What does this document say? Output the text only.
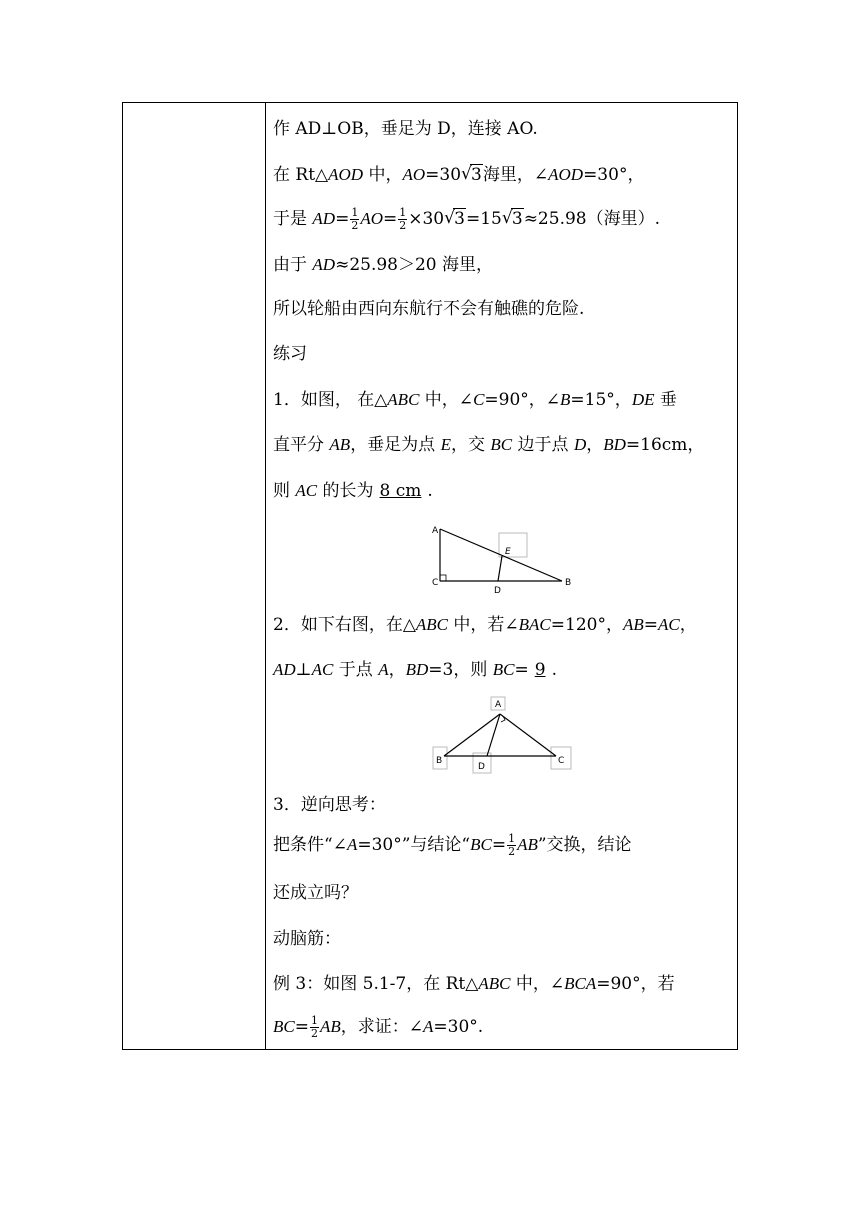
作 AD⊥OB，垂足为 D，连接 AO.
在 Rt△AOD 中，AO=30√ 3海里，∠AOD=30°，
于是 $AD= \frac{1}{2} AO= \frac{1}{2} \times 30√$ 3=15√ 3≈25.98（海里）.
由于 AD≈25.98＞20 海里，
所以轮船由西向东航行不会有触礁的危险.
练习
1．如图， 在△ABC 中，∠C=90°，∠B=15°，DE 垂
直平分 AB，垂足为点 E，交 BC 边于点 D，BD=16cm，
则 AC 的长为 8 cm .
2．如下右图，在△ABC 中，若∠BAC=120°，AB=AC，
AD⊥AC 于点 A，BD=3，则 BC= 9 .
3．逆向思考：
把条件“∠A=30°”与结论“$BC= \frac{1}{2}$ AB”交换，结论
还成立吗？
动脑筋：
例 3：如图 5.1-7，在 Rt△ABC 中，∠BCA=90°，若
$BC= \frac{1}{2}$ AB，求证：∠A=30°.
A
C	B
D
E
A
B	C
D
